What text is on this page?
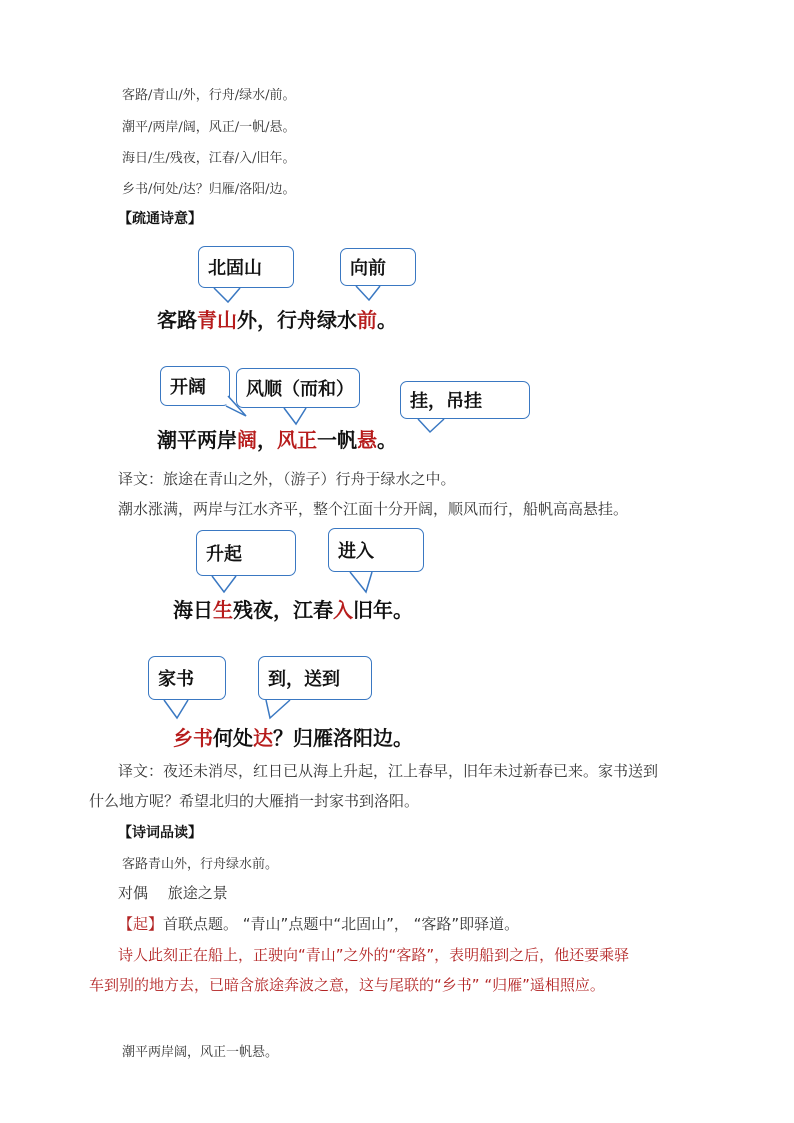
客路/青山/外，行舟/绿水/前。
潮平/两岸/阔，风正/一帆/悬。
海日/生/残夜，江春/入/旧年。
乡书/何处/达？归雁/洛阳/边。
【疏通诗意】
北固山	向前
客路青山外，行舟绿水前。
开阔 风顺（而和）
挂，吊挂
潮平两岸阔，风正一帆悬。
译文：旅途在青山之外，（游子）行舟于绿水之中。
潮水涨满，两岸与江水齐平，整个江面十分开阔，顺风而行，船帆高高悬挂。
升起	进入
海日生残夜，江春入旧年。
家书	到，送到
乡书何处达？归雁洛阳边。
译文：夜还未消尽，红日已从海上升起，江上春早，旧年未过新春已来。家书送到
什么地方呢？希望北归的大雁捎一封家书到洛阳。
【诗词品读】
客路青山外，行舟绿水前。
对偶　 旅途之景
【起】首联点题。 “青山”点题中“北固山”， “客路”即驿道。
诗人此刻正在船上，正驶向“青山”之外的“客路”，表明船到之后，他还要乘驿
车到别的地方去，已暗含旅途奔波之意，这与尾联的“乡书” “归雁”遥相照应。
潮平两岸阔，风正一帆悬。
